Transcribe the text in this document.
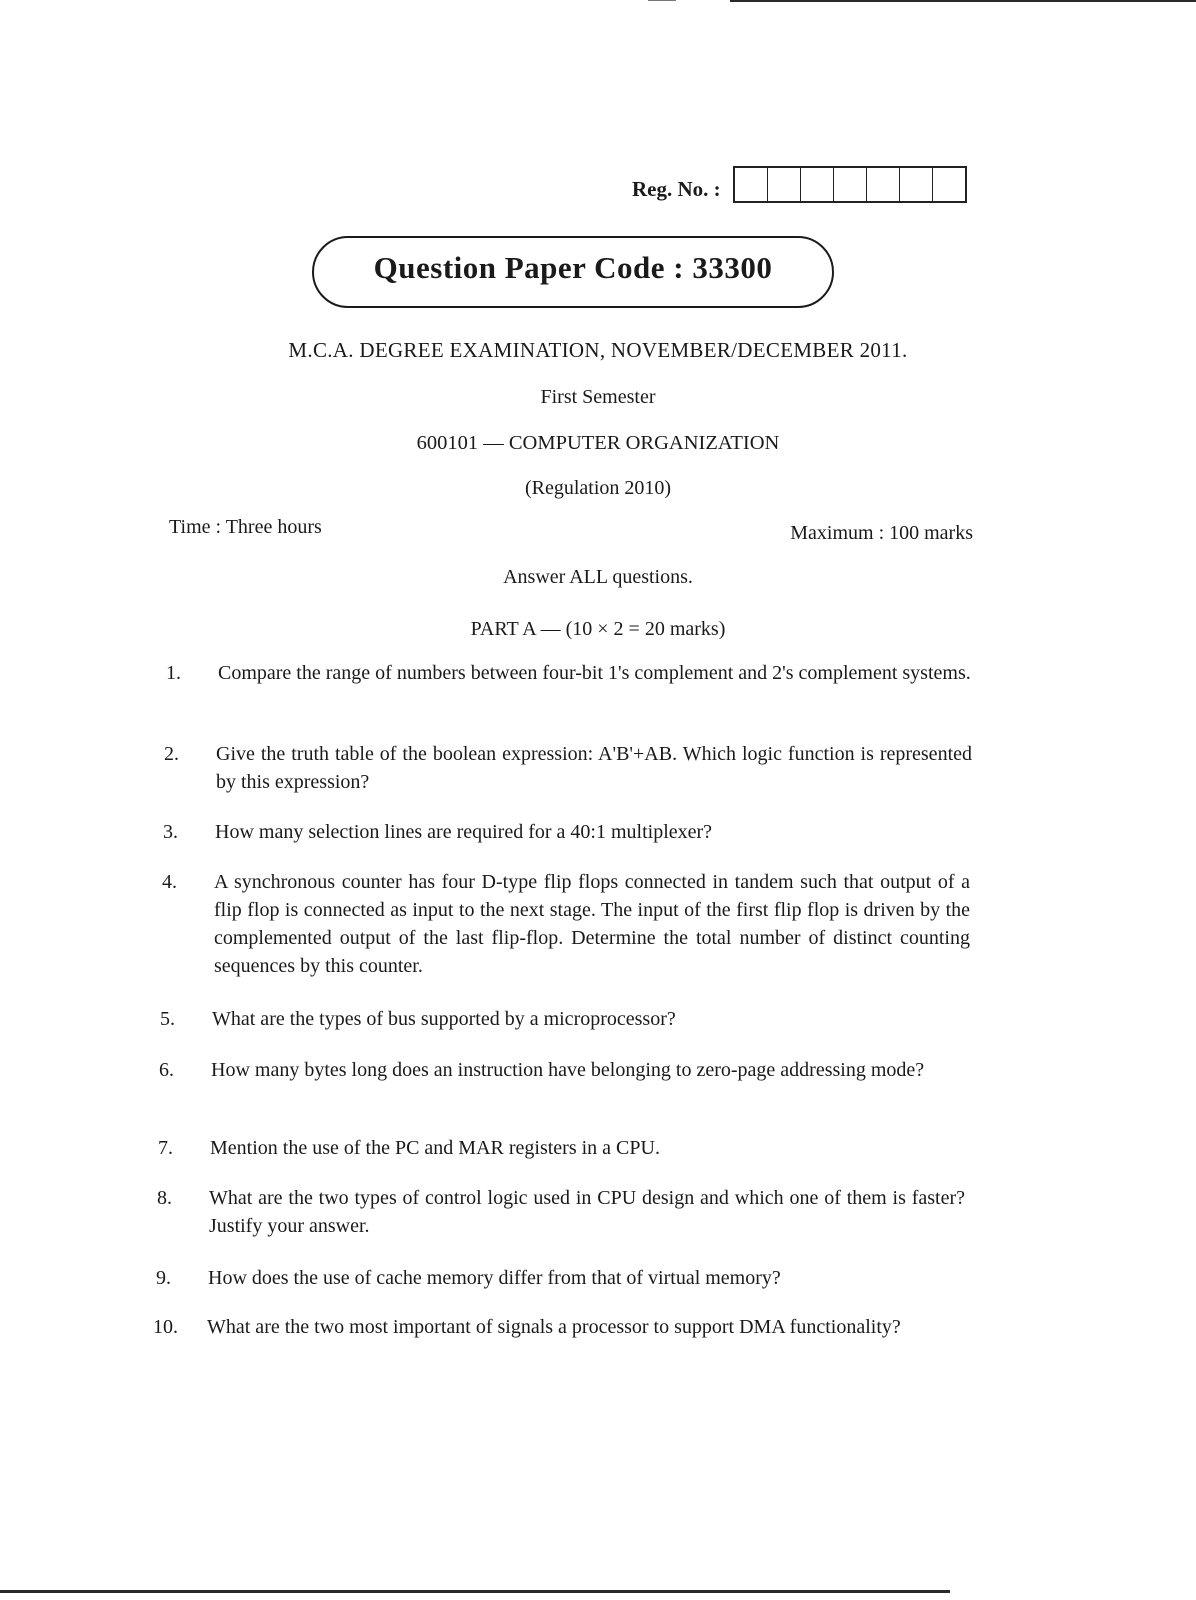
Reg. No. :
Question Paper Code : 33300
M.C.A. DEGREE EXAMINATION, NOVEMBER/DECEMBER 2011.
First Semester
600101 — COMPUTER ORGANIZATION
(Regulation 2010)
Time : Three hours	Maximum : 100 marks
Answer ALL questions.
PART A — (10 × 2 = 20 marks)
1. Compare the range of numbers between four-bit 1's complement and 2's complement systems.
2. Give the truth table of the boolean expression: A'B'+AB. Which logic function is represented by this expression?
3. How many selection lines are required for a 40:1 multiplexer?
4. A synchronous counter has four D-type flip flops connected in tandem such that output of a flip flop is connected as input to the next stage. The input of the first flip flop is driven by the complemented output of the last flip-flop. Determine the total number of distinct counting sequences by this counter.
5. What are the types of bus supported by a microprocessor?
6. How many bytes long does an instruction have belonging to zero-page addressing mode?
7. Mention the use of the PC and MAR registers in a CPU.
8. What are the two types of control logic used in CPU design and which one of them is faster? Justify your answer.
9. How does the use of cache memory differ from that of virtual memory?
10. What are the two most important of signals a processor to support DMA functionality?
